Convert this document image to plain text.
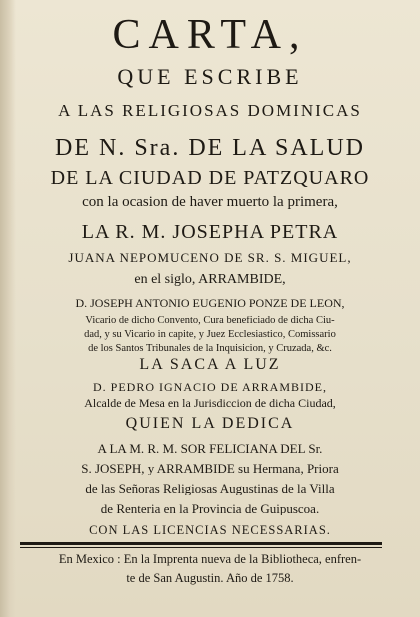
CARTA,
QUE ESCRIBE
A LAS RELIGIOSAS DOMINICAS
DE N. Sra. DE LA SALUD
DE LA CIUDAD DE PATZQUARO
con la ocasion de haver muerto la primera,
LA R. M. JOSEPHA PETRA
JUANA NEPOMUCENO DE SR. S. MIGUEL,
en el siglo, ARRAMBIDE,
D. JOSEPH ANTONIO EUGENIO PONZE DE LEON,
Vicario de dicho Convento, Cura beneficiado de dicha Ciu-
dad, y su Vicario in capite, y Juez Ecclesiastico, Comissario
de los Santos Tribunales de la Inquisicion, y Cruzada, &c.
LA SACA A LUZ
D. PEDRO IGNACIO DE ARRAMBIDE,
Alcalde de Mesa en la Jurisdiccion de dicha Ciudad,
QUIEN LA DEDICA
A LA M. R. M. SOR FELICIANA DEL Sr.
S. JOSEPH, y ARRAMBIDE su Hermana, Priora
de las Señoras Religiosas Augustinas de la Villa
de Renteria en la Provincia de Guipuscoa.
CON LAS LICENCIAS NECESSARIAS.
En Mexico : En la Imprenta nueva de la Bibliotheca, enfren-
te de San Augustin. Año de 1758.
